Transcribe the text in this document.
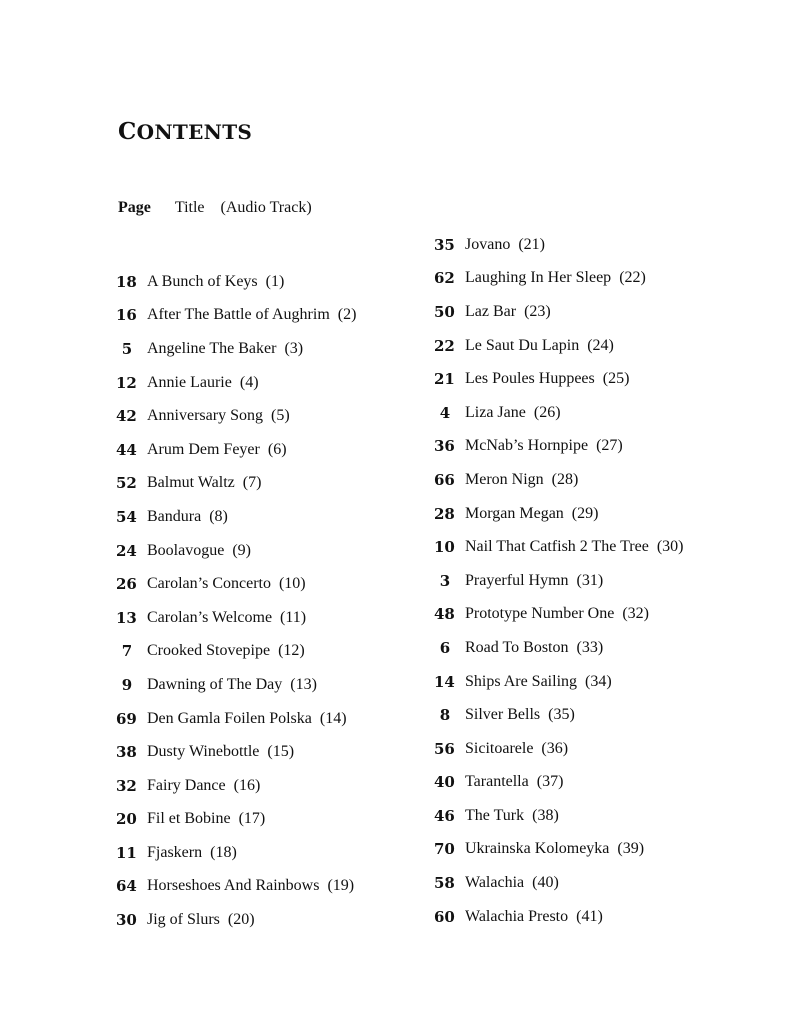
CONTENTS
Page Title (Audio Track)
18 A Bunch of Keys (1)
16 After The Battle of Aughrim (2)
5 Angeline The Baker (3)
12 Annie Laurie (4)
42 Anniversary Song (5)
44 Arum Dem Feyer (6)
52 Balmut Waltz (7)
54 Bandura (8)
24 Boolavogue (9)
26 Carolan’s Concerto (10)
13 Carolan’s Welcome (11)
7 Crooked Stovepipe (12)
9 Dawning of The Day (13)
69 Den Gamla Foilen Polska (14)
38 Dusty Winebottle (15)
32 Fairy Dance (16)
20 Fil et Bobine (17)
11 Fjaskern (18)
64 Horseshoes And Rainbows (19)
30 Jig of Slurs (20)
35 Jovano (21)
62 Laughing In Her Sleep (22)
50 Laz Bar (23)
22 Le Saut Du Lapin (24)
21 Les Poules Huppees (25)
4 Liza Jane (26)
36 McNab’s Hornpipe (27)
66 Meron Nign (28)
28 Morgan Megan (29)
10 Nail That Catfish 2 The Tree (30)
3 Prayerful Hymn (31)
48 Prototype Number One (32)
6 Road To Boston (33)
14 Ships Are Sailing (34)
8 Silver Bells (35)
56 Sicitoarele (36)
40 Tarantella (37)
46 The Turk (38)
70 Ukrainska Kolomeyka (39)
58 Walachia (40)
60 Walachia Presto (41)
